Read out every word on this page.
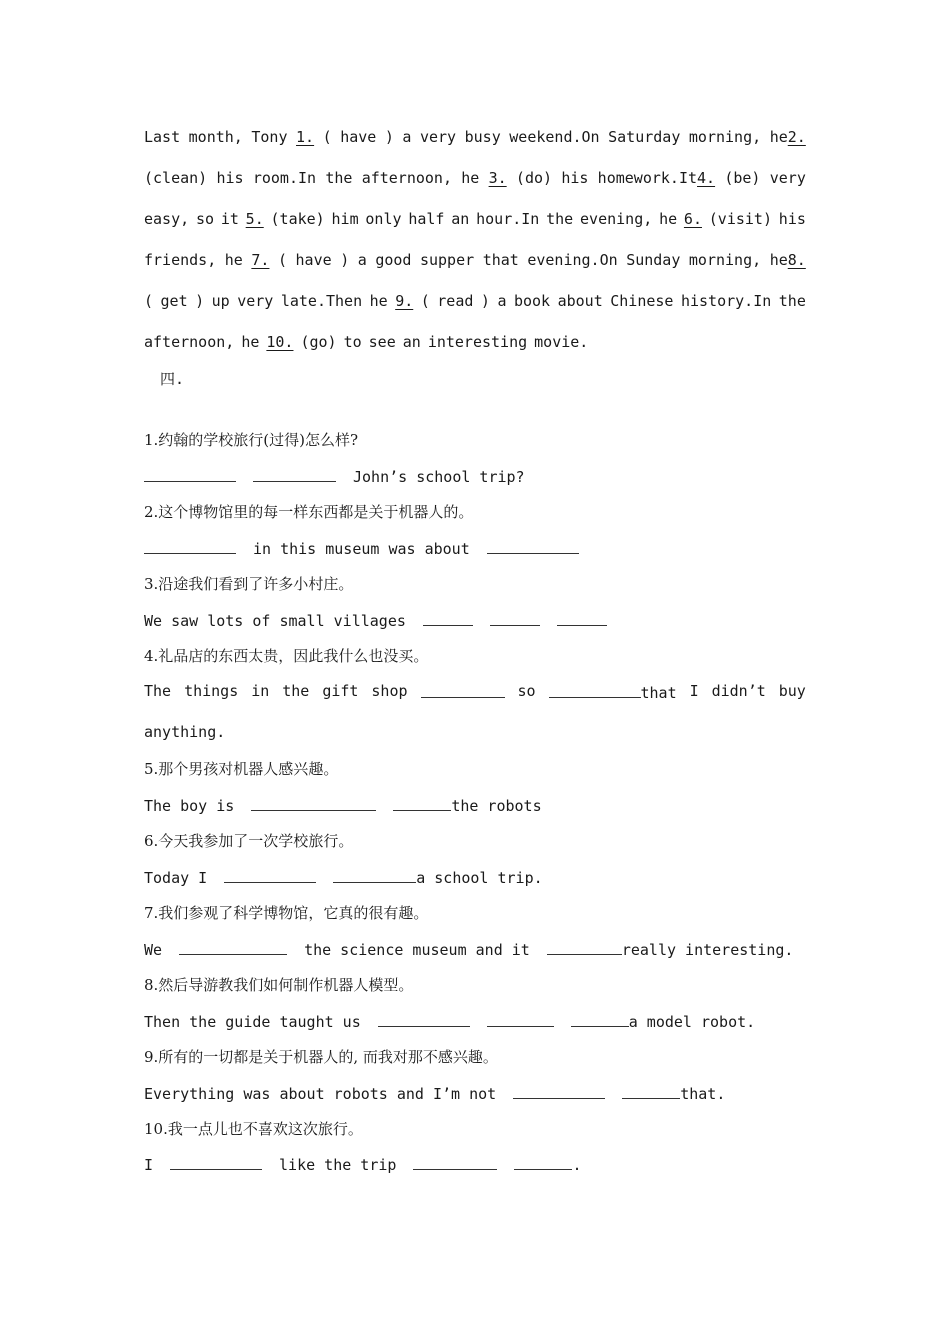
Last month, Tony 1. ( have ) a very busy weekend.On Saturday morning, he2.
(clean) his room.In the afternoon, he 3. (do) his homework.It4. (be) very
easy, so it 5. (take) him only half an hour.In the evening, he 6. (visit) his
friends, he 7. ( have ) a good supper that evening.On Sunday morning, he8.
( get ) up very late.Then he 9. ( read ) a book about Chinese history.In the
afternoon, he 10. (go) to see an interesting movie.
四.
1.约翰的学校旅行(过得)怎么样?
John’s school trip?
2.这个博物馆里的每一样东西都是关于机器人的。
in this museum was about
3.沿途我们看到了许多小村庄。
We saw lots of small villages
4.礼品店的东西太贵，因此我什么也没买。
The things in the gift shop	so	that I didn’t buy
anything.
5.那个男孩对机器人感兴趣。
The boy is	the robots
6.今天我参加了一次学校旅行。
Today I	a school trip.
7.我们参观了科学博物馆，它真的很有趣。
We	the science museum and it	really interesting.
8.然后导游教我们如何制作机器人模型。
Then the guide taught us	a model robot.
9.所有的一切都是关于机器人的, 而我对那不感兴趣。
Everything was about robots and I’m not	that.
10.我一点儿也不喜欢这次旅行。
I	like the trip	.
